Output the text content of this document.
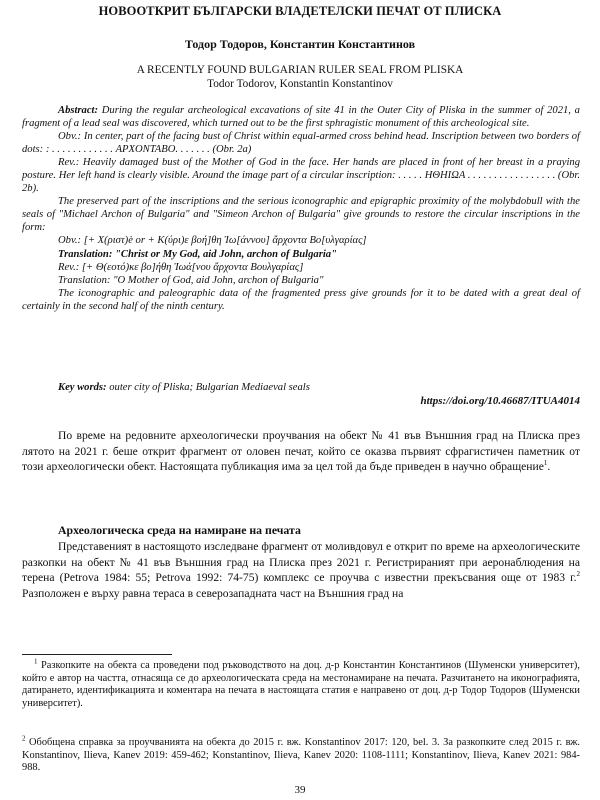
НОВООТКРИТ БЪЛГАРСКИ ВЛАДЕТЕЛСКИ ПЕЧАТ ОТ ПЛИСКА
Тодор Тодоров, Константин Константинов
A RECENTLY FOUND BULGARIAN RULER SEAL FROM PLISKA
Todor Todorov, Konstantin Konstantinov

Abstract: During the regular archeological excavations of site 41 in the Outer City of Pliska in the summer of 2021, a fragment of a lead seal was discovered, which turned out to be the first sphragistic monument of this archeological site.

Obv.: In center, part of the facing bust of Christ within equal-armed cross behind head. Inscription between two borders of dots: : . . . . . . . . . . . . ΑΡΧΟΝΤΑΒΟ. . . . . . . (Obr. 2a)

Rev.: Heavily damaged bust of the Mother of God in the face. Her hands are placed in front of her breast in a praying posture. Her left hand is clearly visible. Around the image part of a circular inscription: . . . . . ΗΘΗΙΩΑ . . . . . . . . . . . . . . . . . (Obr. 2b).

The preserved part of the inscriptions and the serious iconographic and epigraphic proximity of the molybdobull with the seals of "Michael Archon of Bulgaria" and "Simeon Archon of Bulgaria" give grounds to restore the circular inscriptions in the form:

Obv.: [+ Χ(ριστ)è or + Κ(ύρι)ε βοή]θη Ἰω[άννου] ἄρχοντα Βο[υλγαρίας]

Translation: "Christ or My God, aid John, archon of Bulgaria"

Rev.: [+ Θ(εοτό)κε βο]ήθη Ἰωά[νου ἄρχοντα Βουλγαρίας]

Translation: "O Mother of God, aid John, archon of Bulgaria"

The iconographic and paleographic data of the fragmented press give grounds for it to be dated with a great deal of certainly in the second half of the ninth century.

Key words: outer city of Pliska; Bulgarian Mediaeval seals
https://doi.org/10.46687/ITUA4014

По време на редовните археологически проучвания на обект № 41 във Външния град на Плиска през лятото на 2021 г. беше открит фрагмент от оловен печат, който се оказва първият сфрагистичен паметник от този археологически обект. Настоящата публикация има за цел той да бъде приведен в научно обращение$^1$.

Археологическа среда на намиране на печата

Представеният в настоящото изследване фрагмент от моливдовул е открит по време на археологическите разкопки на обект № 41 във Външния град на Плиска през 2021 г. Регистрираният при аеронаблюдения на терена (Petrova 1984: 55; Petrova 1992: 74-75) комплекс се проучва с известни прекъсвания още от 1983 г.$^2$ Разположен е върху равна тераса в северозападната част на Външния град на

$^1$ Разкопките на обекта са проведени под ръководството на доц. д-р Константин Константинов (Шуменски университет), който е автор на частта, отнасяща се до археологическата среда на местонамиране на печата. Разчитането на иконографията, датирането, идентификацията и коментара на печата в настоящата статия е направено от доц. д-р Тодор Тодоров (Шуменски университет).

$^2$ Обобщена справка за проучванията на обекта до 2015 г. вж. Konstantinov 2017: 120, bel. 3. За разкопките след 2015 г. вж. Konstantinov, Ilieva, Kanev 2019: 459-462; Konstantinov, Ilieva, Kanev 2020: 1108-1111; Konstantinov, Ilieva, Kanev 2021: 984-988.

39
